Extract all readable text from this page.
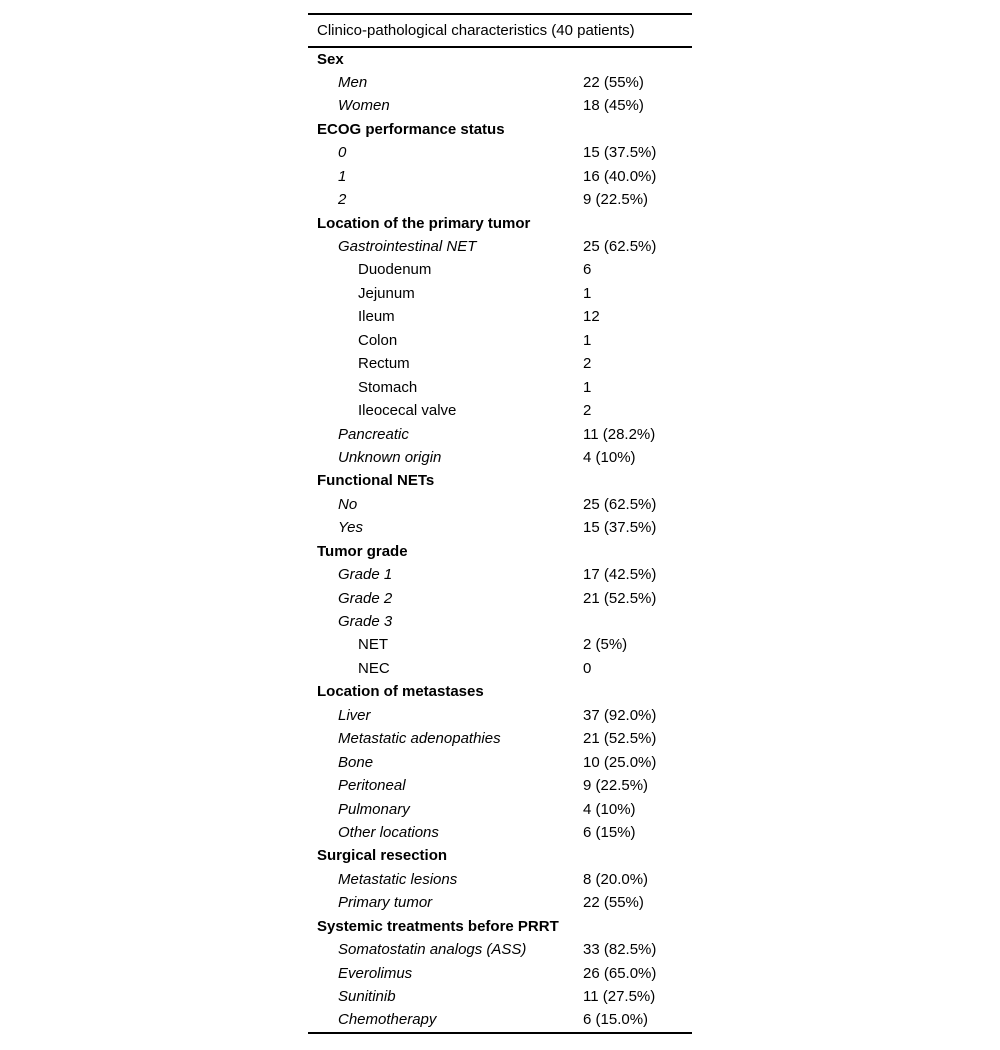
Clinico-pathological characteristics (40 patients)
Sex
Men	22 (55%)
Women	18 (45%)
ECOG performance status
0	15 (37.5%)
1	16 (40.0%)
2	9 (22.5%)
Location of the primary tumor
Gastrointestinal NET	25 (62.5%)
Duodenum	6
Jejunum	1
Ileum	12
Colon	1
Rectum	2
Stomach	1
Ileocecal valve	2
Pancreatic	11 (28.2%)
Unknown origin	4 (10%)
Functional NETs
No	25 (62.5%)
Yes	15 (37.5%)
Tumor grade
Grade 1	17 (42.5%)
Grade 2	21 (52.5%)
Grade 3
NET	2 (5%)
NEC	0
Location of metastases
Liver	37 (92.0%)
Metastatic adenopathies	21 (52.5%)
Bone	10 (25.0%)
Peritoneal	9 (22.5%)
Pulmonary	4 (10%)
Other locations	6 (15%)
Surgical resection
Metastatic lesions	8 (20.0%)
Primary tumor	22 (55%)
Systemic treatments before PRRT
Somatostatin analogs (ASS)	33 (82.5%)
Everolimus	26 (65.0%)
Sunitinib	11 (27.5%)
Chemotherapy	6 (15.0%)
